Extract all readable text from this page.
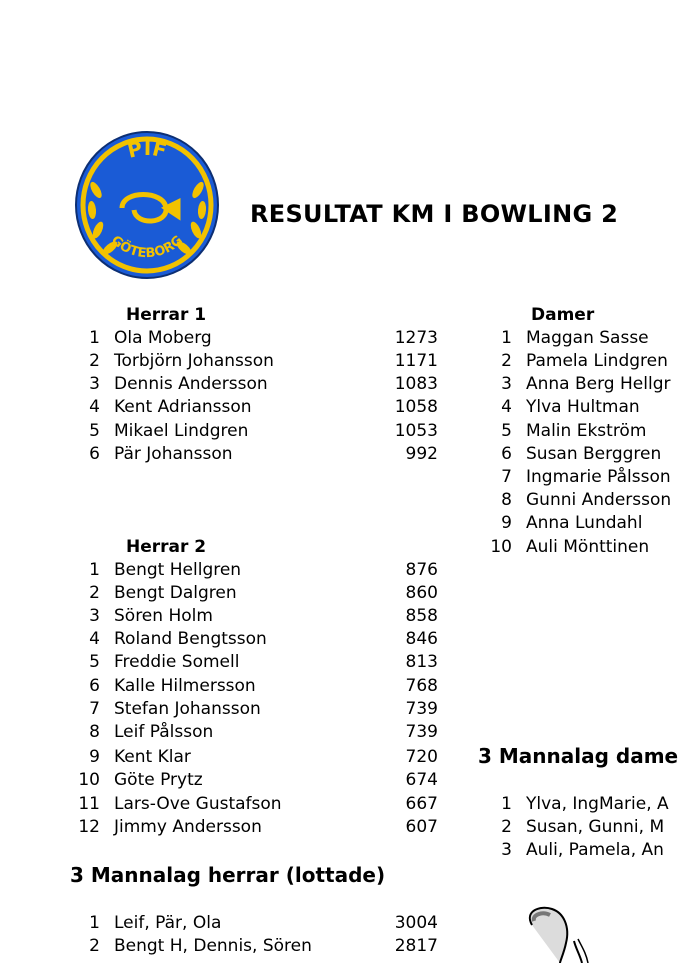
PIF
GÖTEBORG
RESULTAT KM I BOWLING 2
Herrar 1
1 Ola Moberg	1273
2 Torbjörn Johansson	1171
3 Dennis Andersson	1083
4 Kent Adriansson	1058
5 Mikael Lindgren	1053
6 Pär Johansson	992
Herrar 2
1 Bengt Hellgren	876
2 Bengt Dalgren	860
3 Sören Holm	858
4 Roland Bengtsson	846
5 Freddie Somell	813
6 Kalle Hilmersson	768
7 Stefan Johansson	739
8 Leif Pålsson	739
9 Kent Klar	720
10 Göte Prytz	674
11 Lars-Ove Gustafson	667
12 Jimmy Andersson	607
3 Mannalag herrar (lottade)
1 Leif, Pär, Ola	3004
2 Bengt H, Dennis, Sören	2817
Damer
1 Maggan Sasse
2 Pamela Lindgren
3 Anna Berg Hellgr
4 Ylva Hultman
5 Malin Ekström
6 Susan Berggren
7 Ingmarie Pålsson
8 Gunni Andersson
9 Anna Lundahl
10 Auli Mönttinen
3 Mannalag dame
1 Ylva, IngMarie, A
2 Susan, Gunni, M
3 Auli, Pamela, An
